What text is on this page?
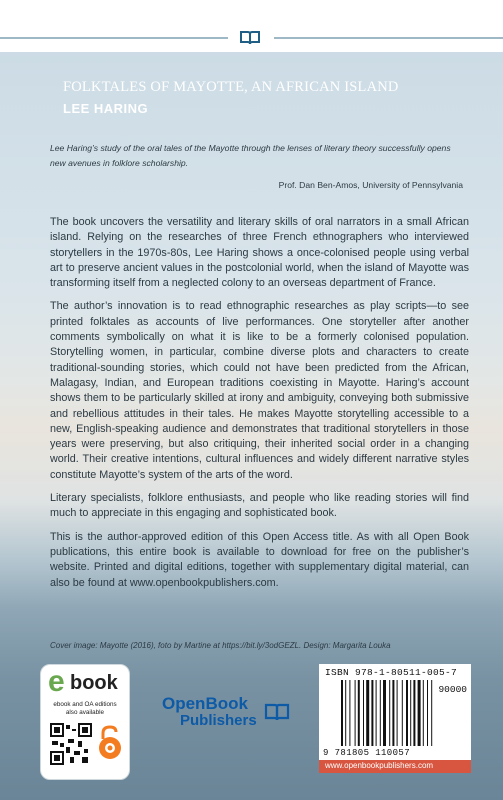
FOLKTALES OF MAYOTTE, AN AFRICAN ISLAND
LEE HARING

Lee Haring’s study of the oral tales of the Mayotte through the lenses of literary theory successfully opens new avenues in folklore scholarship.

Prof. Dan Ben-Amos, University of Pennsylvania

The book uncovers the versatility and literary skills of oral narrators in a small African island. Relying on the researches of three French ethnographers who interviewed storytellers in the 1970s-80s, Lee Haring shows a once-colonised people using verbal art to preserve ancient values in the postcolonial world, when the island of Mayotte was transforming itself from a neglected colony to an overseas department of France.

The author’s innovation is to read ethnographic researches as play scripts—to see printed folktales as accounts of live performances. One storyteller after another comments symbolically on what it is like to be a formerly colonised population. Storytelling women, in particular, combine diverse plots and characters to create traditional-sounding stories, which could not have been predicted from the African, Malagasy, Indian, and European traditions coexisting in Mayotte. Haring’s account shows them to be particularly skilled at irony and ambiguity, conveying both submissive and rebellious attitudes in their tales. He makes Mayotte storytelling accessible to a new, English-speaking audience and demonstrates that traditional storytellers in those years were preserving, but also critiquing, their inherited social order in a changing world. Their creative intentions, cultural influences and widely different narrative styles constitute Mayotte’s system of the arts of the word.

Literary specialists, folklore enthusiasts, and people who like reading stories will find much to appreciate in this engaging and sophisticated book.

This is the author-approved edition of this Open Access title. As with all Open Book publications, this entire book is available to download for free on the publisher’s website. Printed and digital editions, together with supplementary digital material, can also be found at www.openbookpublishers.com.

Cover image: Mayotte (2016), foto by Martine at https://bit.ly/3odGEZL. Design: Margarita Louka
e book
ebook and OA editions
also available	OpenBook
Publishers
ISBN 978-1-80511-005-7
90000
9 781805 110057
www.openbookpublishers.com
